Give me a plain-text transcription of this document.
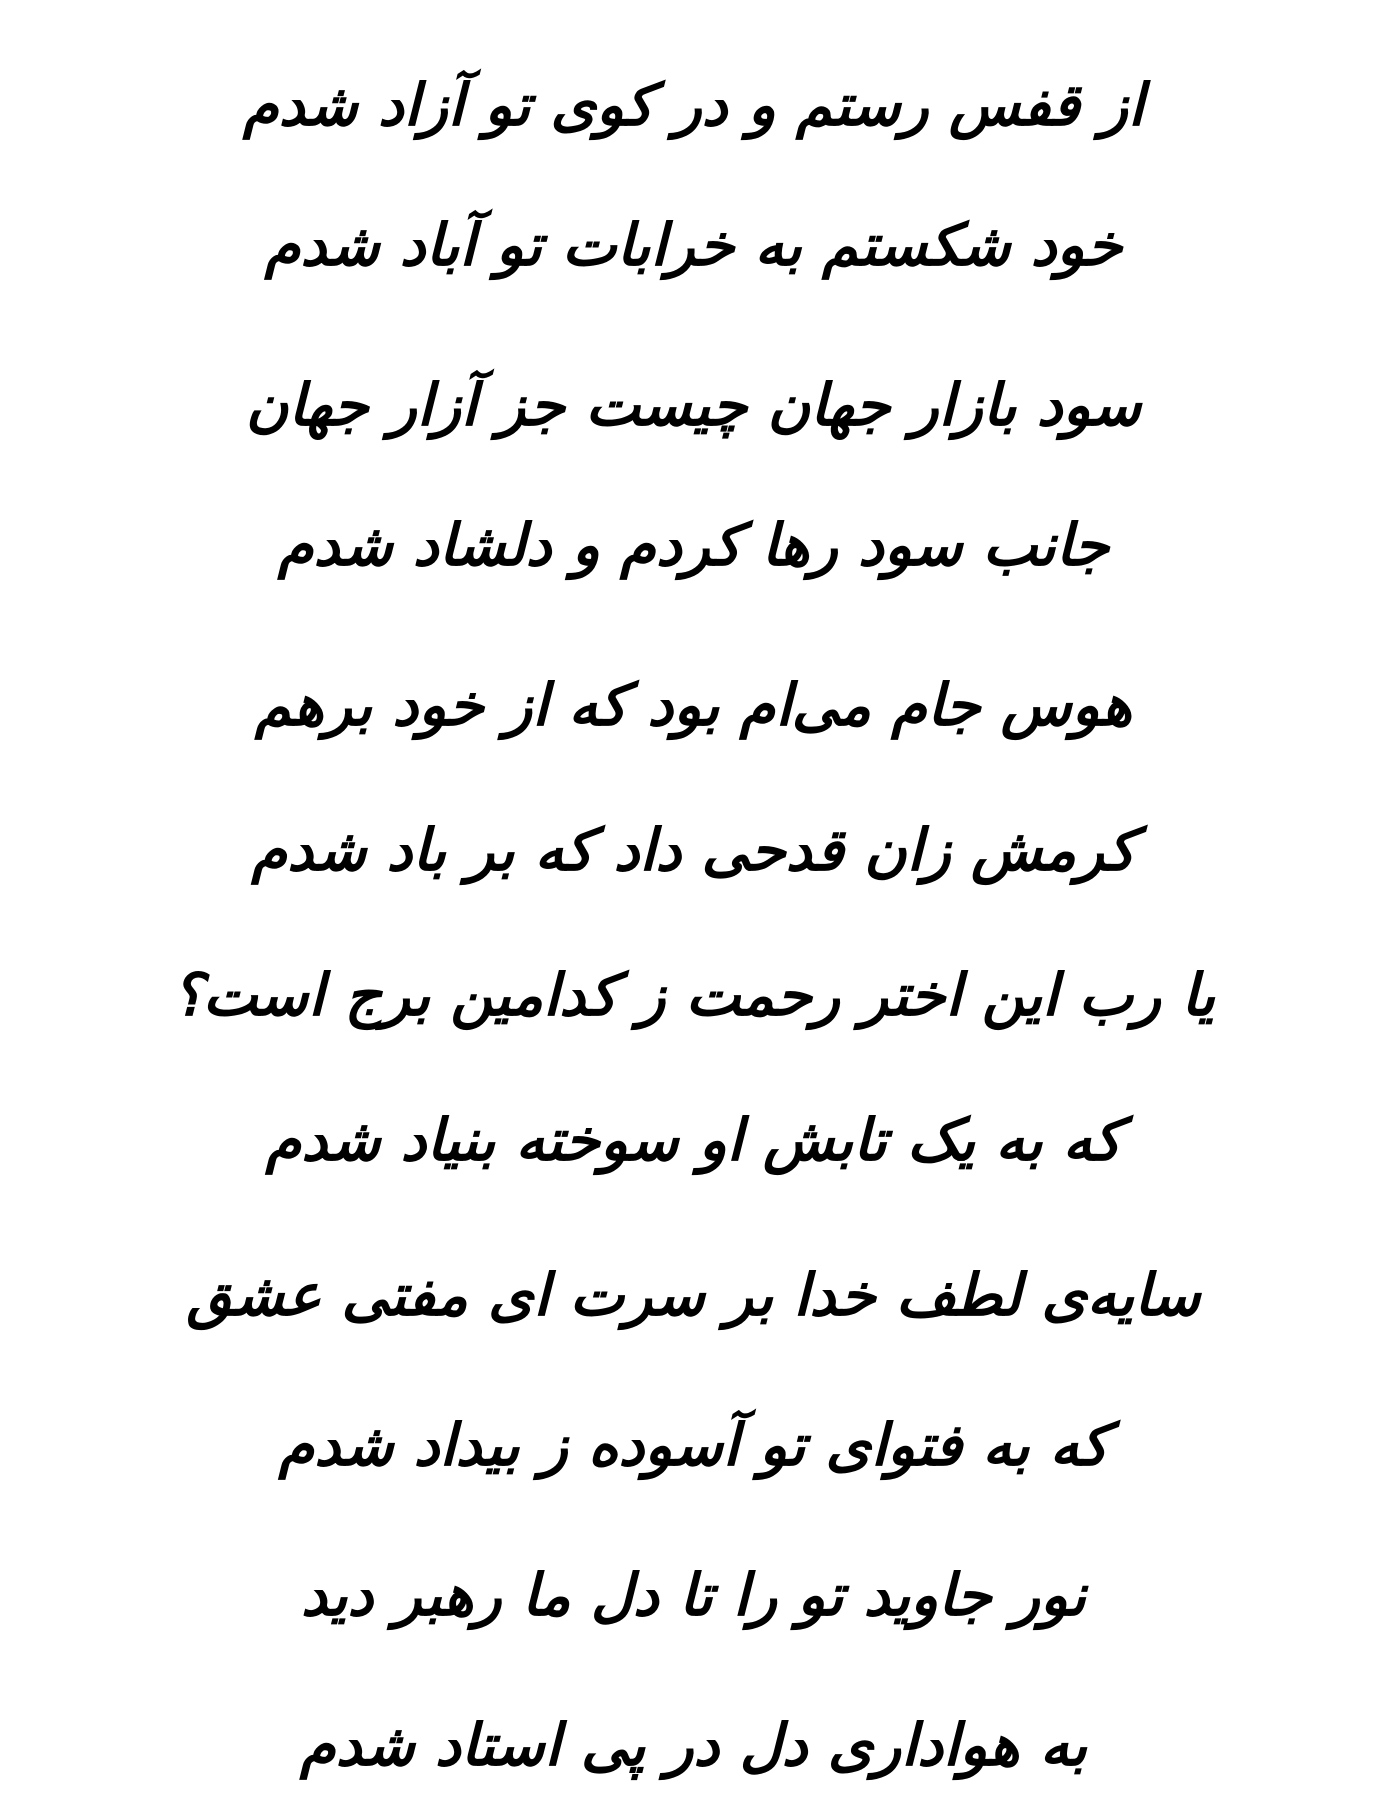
از قفس رستم و در کوی تو آزاد شدم
خود شکستم به خرابات تو آباد شدم
سود بازار جهان چیست جز آزار جهان
جانب سود رها کردم و دلشاد شدم
هوس جام می‌ام بود که از خود برهم
کرمش زان قدحی داد که بر باد شدم
یا رب این اختر رحمت ز کدامین برج است؟
که به یک تابش او سوخته بنیاد شدم
سایه‌ی لطف خدا بر سرت ای مفتی عشق
که به فتوای تو آسوده ز بیداد شدم
نور جاوید تو را تا دل ما رهبر دید
به هواداری دل در پی استاد شدم
